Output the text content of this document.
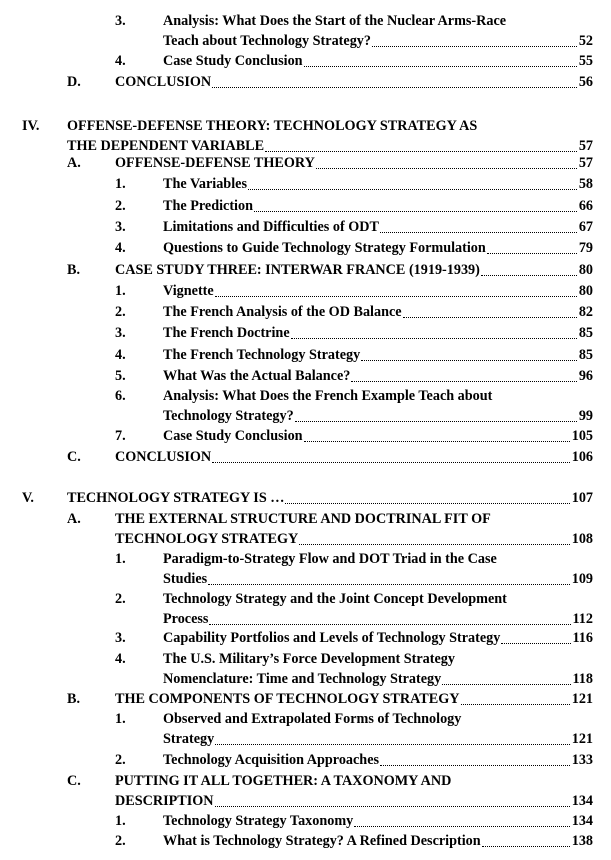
3.	Analysis: What Does the Start of the Nuclear Arms-Race
Teach about Technology Strategy?	52
4.	Case Study Conclusion	55
D. CONCLUSION	56
IV. OFFENSE-DEFENSE THEORY: TECHNOLOGY STRATEGY AS
THE DEPENDENT VARIABLE	57
A. OFFENSE-DEFENSE THEORY	57
1.	The Variables	58
2.	The Prediction	66
3.	Limitations and Difficulties of ODT	67
4.	Questions to Guide Technology Strategy Formulation	79
B. CASE STUDY THREE: INTERWAR FRANCE (1919-1939)	80
1.	Vignette	80
2.	The French Analysis of the OD Balance	82
3.	The French Doctrine	85
4.	The French Technology Strategy	85
5.	What Was the Actual Balance?	96
6.	Analysis: What Does the French Example Teach about
Technology Strategy?	99
7.	Case Study Conclusion	105
C. CONCLUSION	106
V. TECHNOLOGY STRATEGY IS …	107
A. THE EXTERNAL STRUCTURE AND DOCTRINAL FIT OF
TECHNOLOGY STRATEGY	108
1.	Paradigm-to-Strategy Flow and DOT Triad in the Case
Studies	109
2.	Technology Strategy and the Joint Concept Development
Process	112
3.	Capability Portfolios and Levels of Technology Strategy	116
4.	The U.S. Military’s Force Development Strategy
Nomenclature: Time and Technology Strategy	118
B. THE COMPONENTS OF TECHNOLOGY STRATEGY	121
1.	Observed and Extrapolated Forms of Technology
Strategy	121
2.	Technology Acquisition Approaches	133
C. PUTTING IT ALL TOGETHER: A TAXONOMY AND
DESCRIPTION	134
1.	Technology Strategy Taxonomy	134
2.	What is Technology Strategy? A Refined Description	138
